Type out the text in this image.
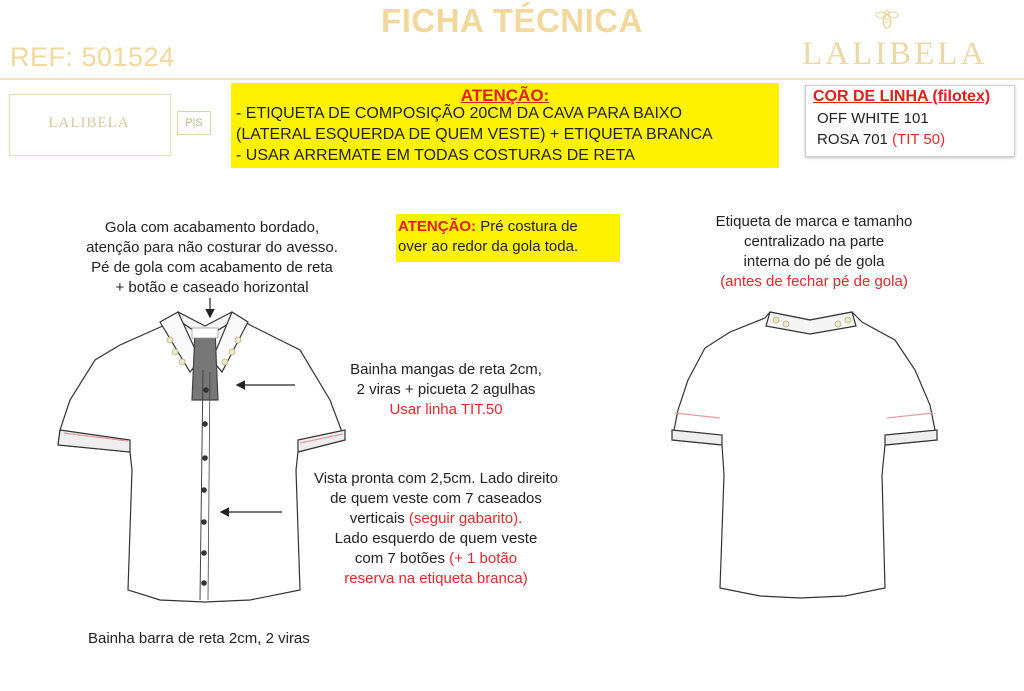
FICHA TÉCNICA
REF: 501524	LALIBELA
LALIBELA	P|S
ATENÇÃO:
- ETIQUETA DE COMPOSIÇÃO 20CM DA CAVA PARA BAIXO
(LATERAL ESQUERDA DE QUEM VESTE) + ETIQUETA BRANCA
- USAR ARREMATE EM TODAS COSTURAS DE RETA
COR DE LINHA (filotex)
OFF WHITE 101
ROSA 701 (TIT 50)
Gola com acabamento bordado,
atenção para não costurar do avesso.
Pé de gola com acabamento de reta
+ botão e caseado horizontal
ATENÇÃO: Pré costura de
over ao redor da gola toda.
Bainha mangas de reta 2cm,
2 viras + picueta 2 agulhas
Usar linha TIT.50
Vista pronta com 2,5cm. Lado direito
de quem veste com 7 caseados
verticais (seguir gabarito).
Lado esquerdo de quem veste
com 7 botões (+ 1 botão
reserva na etiqueta branca)
Bainha barra de reta 2cm, 2 viras
Etiqueta de marca e tamanho
centralizado na parte
interna do pé de gola
(antes de fechar pé de gola)
